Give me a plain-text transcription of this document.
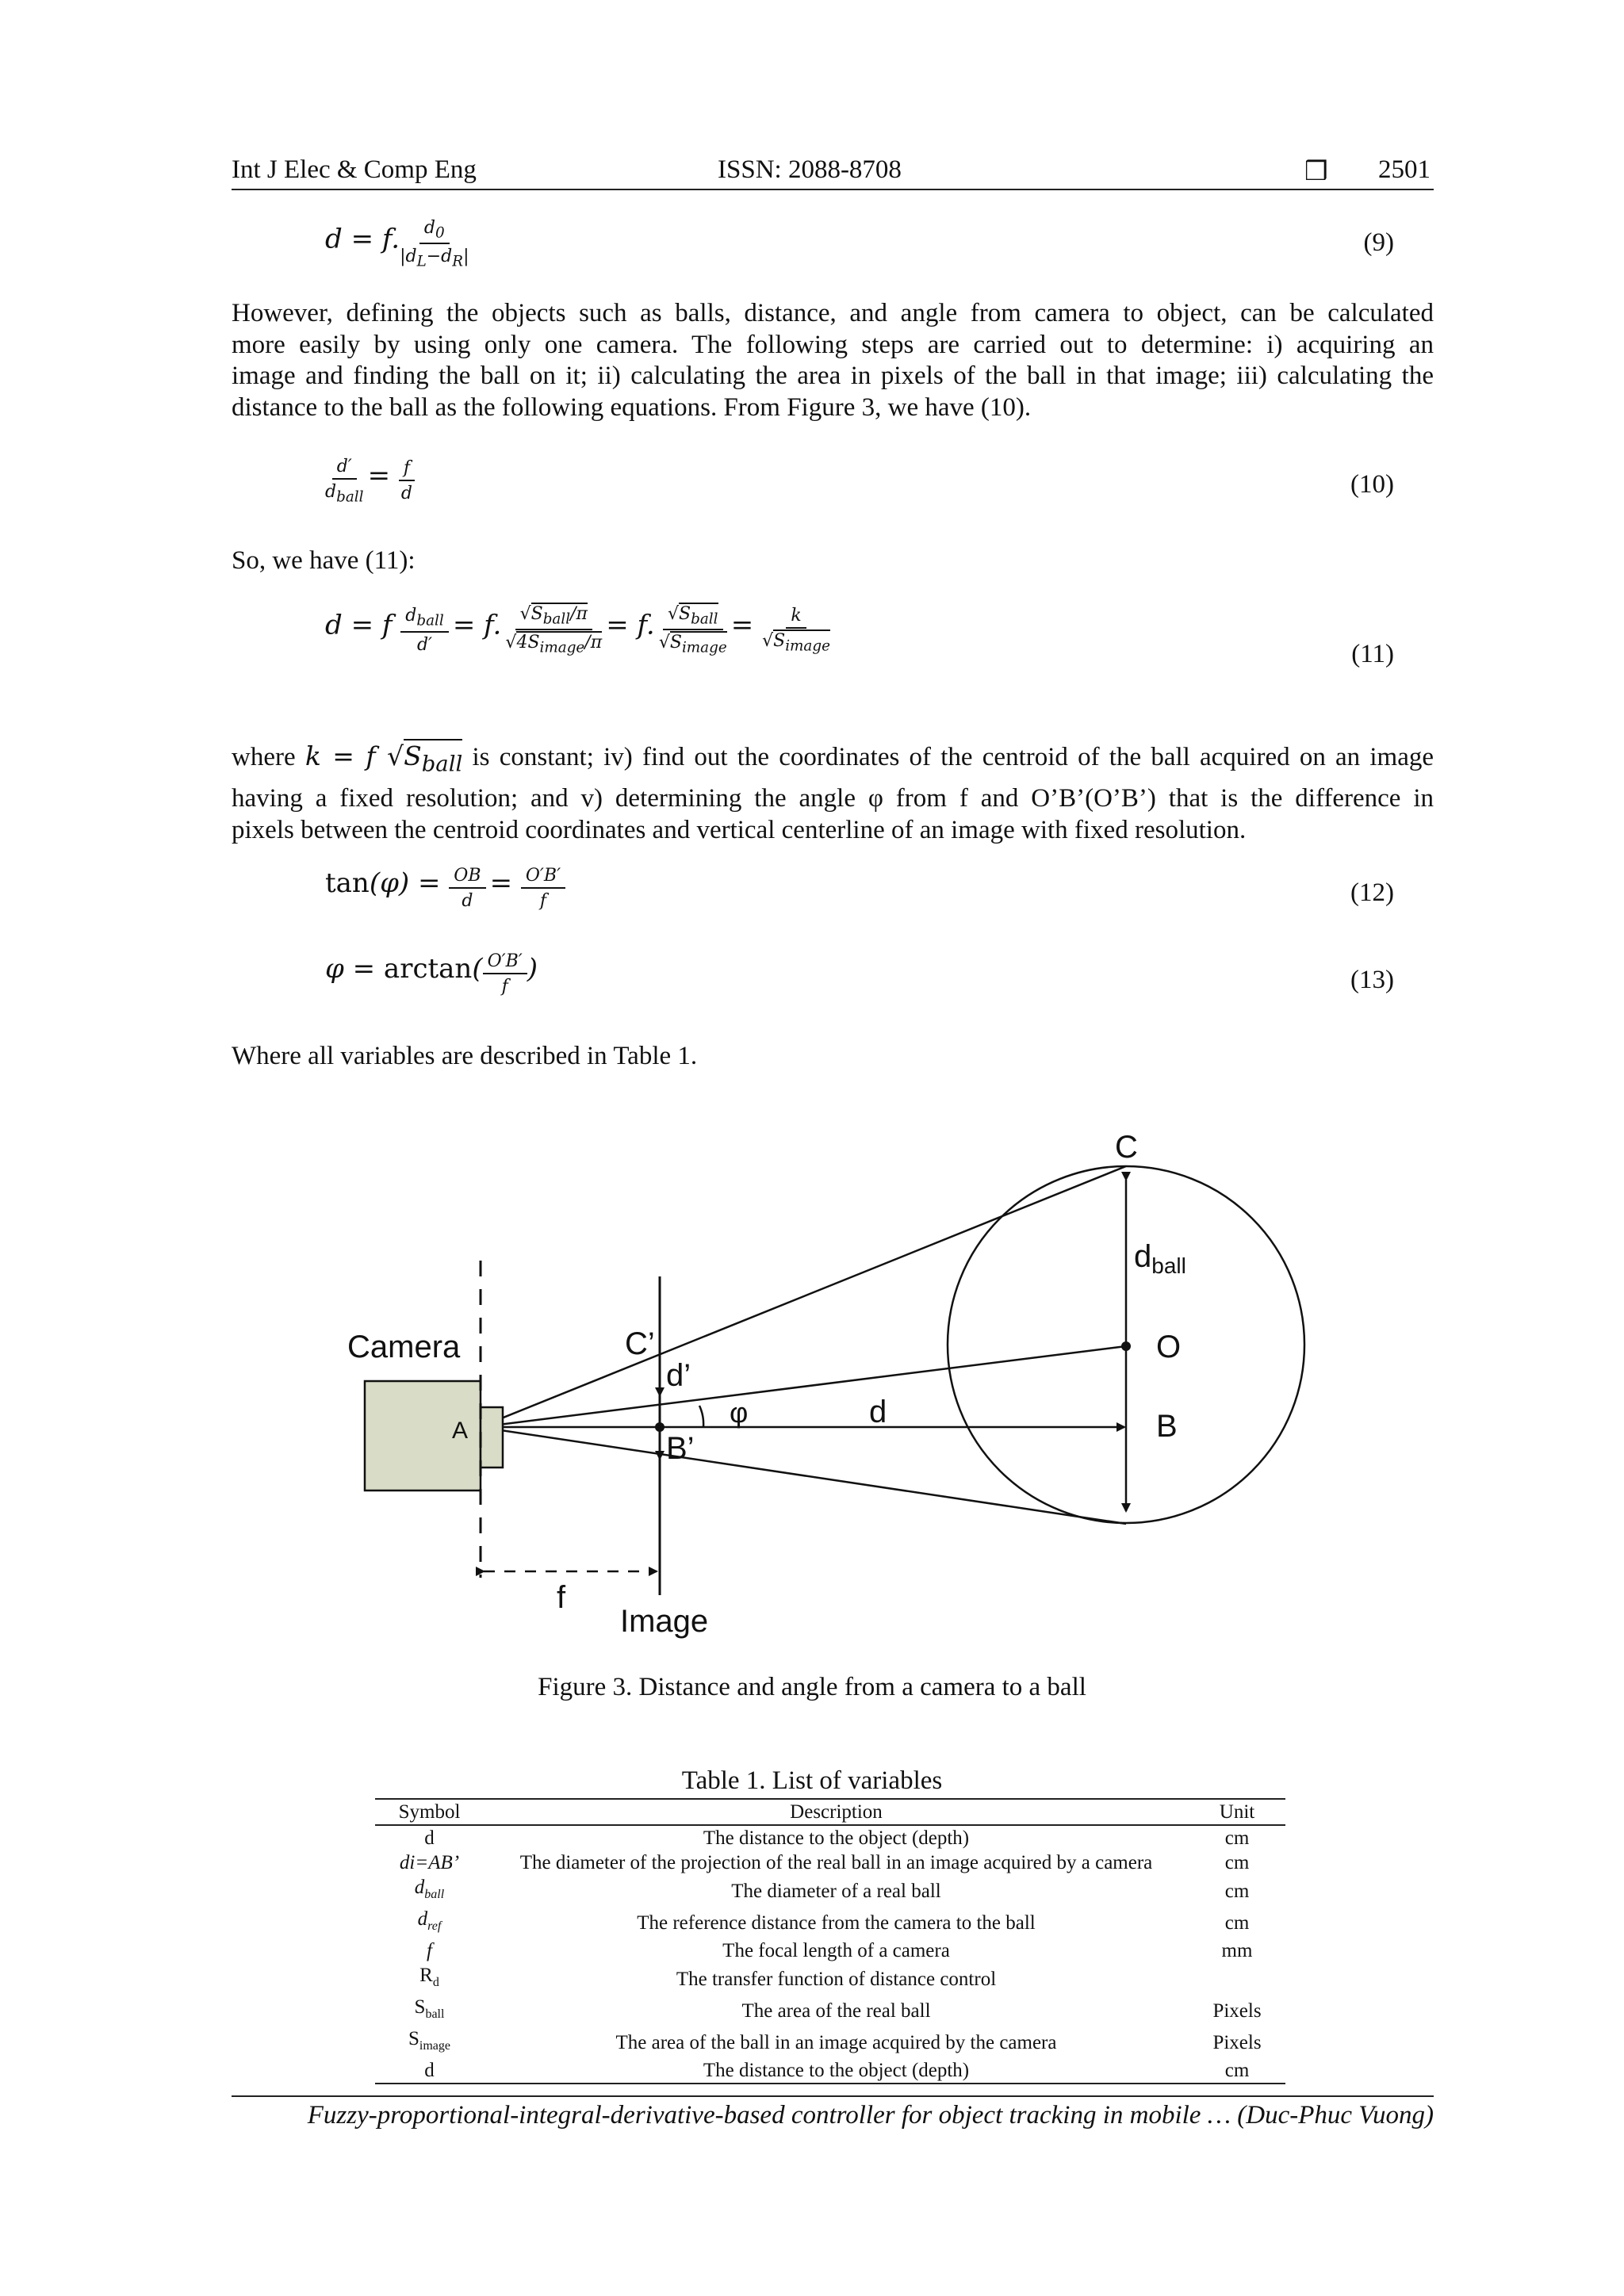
Int J Elec & Comp Eng	ISSN: 2088-8708	❒ 2501
d = f. $\frac{d_0}{|d_L-d_R|}$	(9)
However, defining the objects such as balls, distance, and angle from camera to object, can be calculated
more easily by using only one camera. The following steps are carried out to determine: i) acquiring an
image and finding the ball on it; ii) calculating the area in pixels of the ball in that image; iii) calculating the
distance to the ball as the following equations. From Figure 3, we have (10).
$\frac{d'}{d_{ball}} = \frac{f}{d}$	(10)
So, we have (11):
d = f $\frac{d_{ball}}{d'} = f$. $\frac{√S_{ball}/\pi}{√4S_{image}/\pi} = f$. $\frac{√S_{ball}}{√S_{image}} = \frac{k}{√S_{image}}$	(11)
where k = f $√S_{ball}$ is constant; iv) find out the coordinates of the centroid of the ball acquired on an image
having a fixed resolution; and v) determining the angle φ from f and O’B’(O’B’) that is the difference in
pixels between the centroid coordinates and vertical centerline of an image with fixed resolution.
$\tan(\varphi) = \frac{OB}{d} = \frac{O'B'}{f}$	(12)
$\varphi = \arctan( \frac{O'B'}{f}$ )	(13)
Where all variables are described in Table 1.
Camera
A
C’
d’
B’
φ	d
C
$d_{ball}$
O
B
f
Image
Figure 3. Distance and angle from a camera to a ball
Table 1. List of variables
Symbol	Description	Unit
d	The distance to the object (depth)	cm
di=AB’	The diameter of the projection of the real ball in an image acquired by a camera	cm
$d_{ball}$	The diameter of a real ball	cm
$d_{ref}$	The reference distance from the camera to the ball	cm
f	The focal length of a camera	mm
$R_d$	The transfer function of distance control	
$S_{ball}$	The area of the real ball	Pixels
$S_{image}$	The area of the ball in an image acquired by the camera	Pixels
d	The distance to the object (depth)	cm
Fuzzy-proportional-integral-derivative-based controller for object tracking in mobile … (Duc-Phuc Vuong)
